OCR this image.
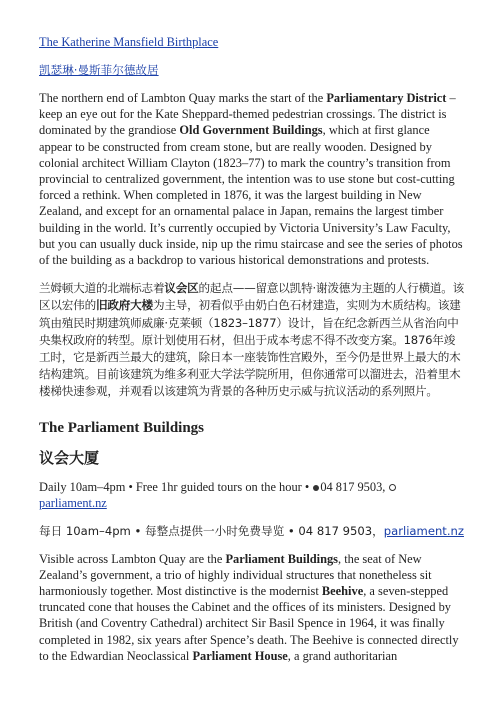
The Katherine Mansfield Birthplace

凯瑟琳·曼斯菲尔德故居

The northern end of Lambton Quay marks the start of the Parliamentary District – keep an eye out for the Kate Sheppard-themed pedestrian crossings. The district is dominated by the grandiose Old Government Buildings, which at first glance appear to be constructed from cream stone, but are really wooden. Designed by colonial architect William Clayton (1823–77) to mark the country’s transition from provincial to centralized government, the intention was to use stone but cost-cutting forced a rethink. When completed in 1876, it was the largest building in New Zealand, and except for an ornamental palace in Japan, remains the largest timber building in the world. It’s currently occupied by Victoria University’s Law Faculty, but you can usually duck inside, nip up the rimu staircase and see the series of photos of the building as a backdrop to various historical demonstrations and protests.

兰姆顿大道的北端标志着议会区的起点——留意以凯特·谢泼德为主题的人行横道。该区以宏伟的旧政府大楼为主导，初看似乎由奶白色石材建造，实则为木质结构。该建筑由殖民时期建筑师威廉·克莱顿（1823–1877）设计，旨在纪念新西兰从省治向中央集权政府的转型。原计划使用石材，但出于成本考虑不得不改变方案。1876年竣工时，它是新西兰最大的建筑，除日本一座装饰性宫殿外，至今仍是世界上最大的木结构建筑。目前该建筑为维多利亚大学法学院所用，但你通常可以溜进去，沿着里木楼梯快速参观，并观看以该建筑为背景的各种历史示威与抗议活动的系列照片。

The Parliament Buildings
议会大厦

Daily 10am–4pm • Free 1hr guided tours on the hour • 04 817 9503,
parliament.nz

每日 10am–4pm • 每整点提供一小时免费导览 • 04 817 9503，parliament.nz

Visible across Lambton Quay are the Parliament Buildings, the seat of New Zealand’s government, a trio of highly individual structures that nonetheless sit harmoniously together. Most distinctive is the modernist Beehive, a seven-stepped truncated cone that houses the Cabinet and the offices of its ministers. Designed by British (and Coventry Cathedral) architect Sir Basil Spence in 1964, it was finally completed in 1982, six years after Spence’s death. The Beehive is connected directly to the Edwardian Neoclassical Parliament House, a grand authoritarian
